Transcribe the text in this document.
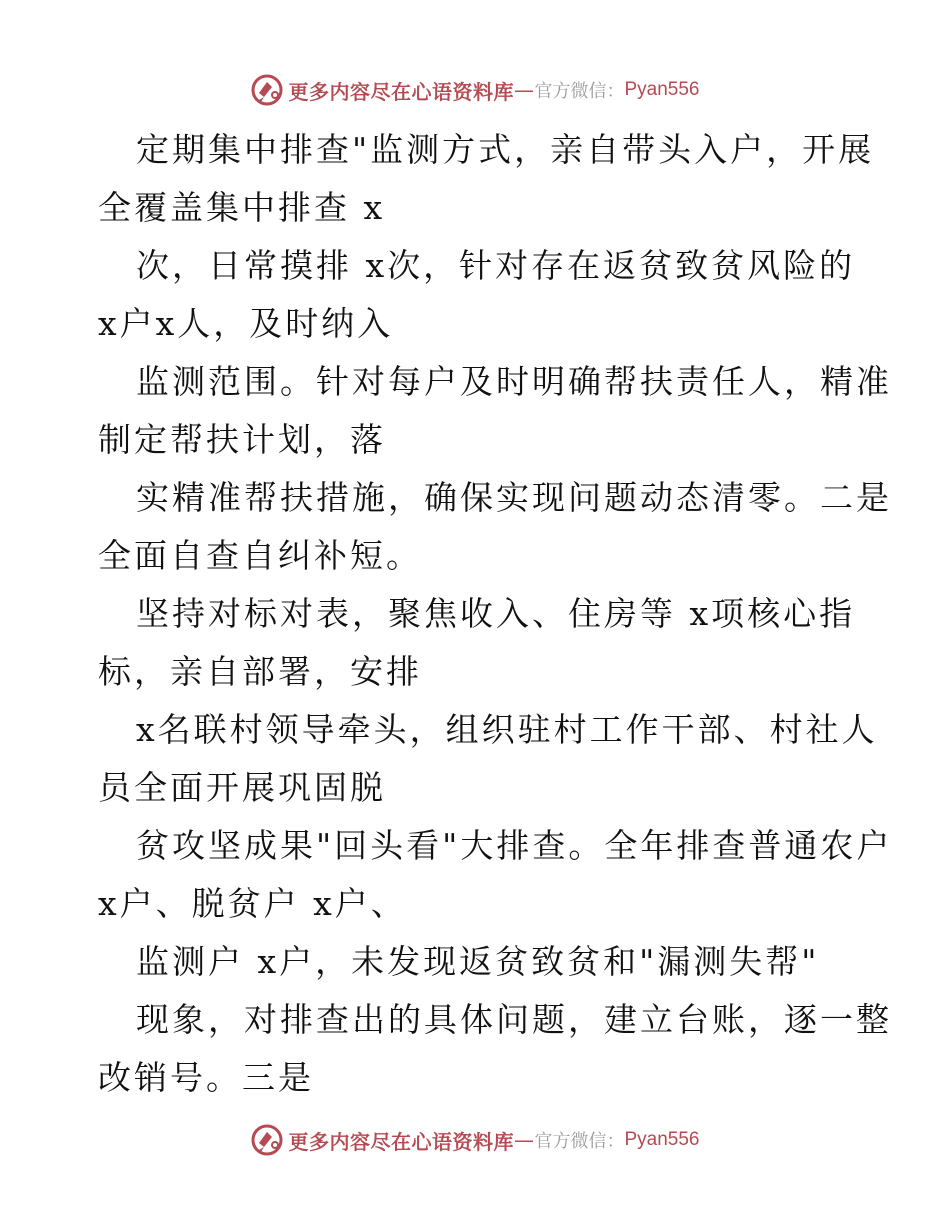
更多内容尽在心语资料库 — 官方微信： Pyan556
定期集中排查"监测方式，亲自带头入户，开展
全覆盖集中排查 x
次，日常摸排 x次，针对存在返贫致贫风险的
x户x人，及时纳入
监测范围。针对每户及时明确帮扶责任人，精准
制定帮扶计划，落
实精准帮扶措施，确保实现问题动态清零。二是
全面自查自纠补短。
坚持对标对表，聚焦收入、住房等 x项核心指
标，亲自部署，安排
x名联村领导牵头，组织驻村工作干部、村社人
员全面开展巩固脱
贫攻坚成果"回头看"大排查。全年排查普通农户
x户、脱贫户 x户、
监测户 x户，未发现返贫致贫和"漏测失帮"
现象，对排查出的具体问题，建立台账，逐一整
改销号。三是
更多内容尽在心语资料库 — 官方微信： Pyan556
